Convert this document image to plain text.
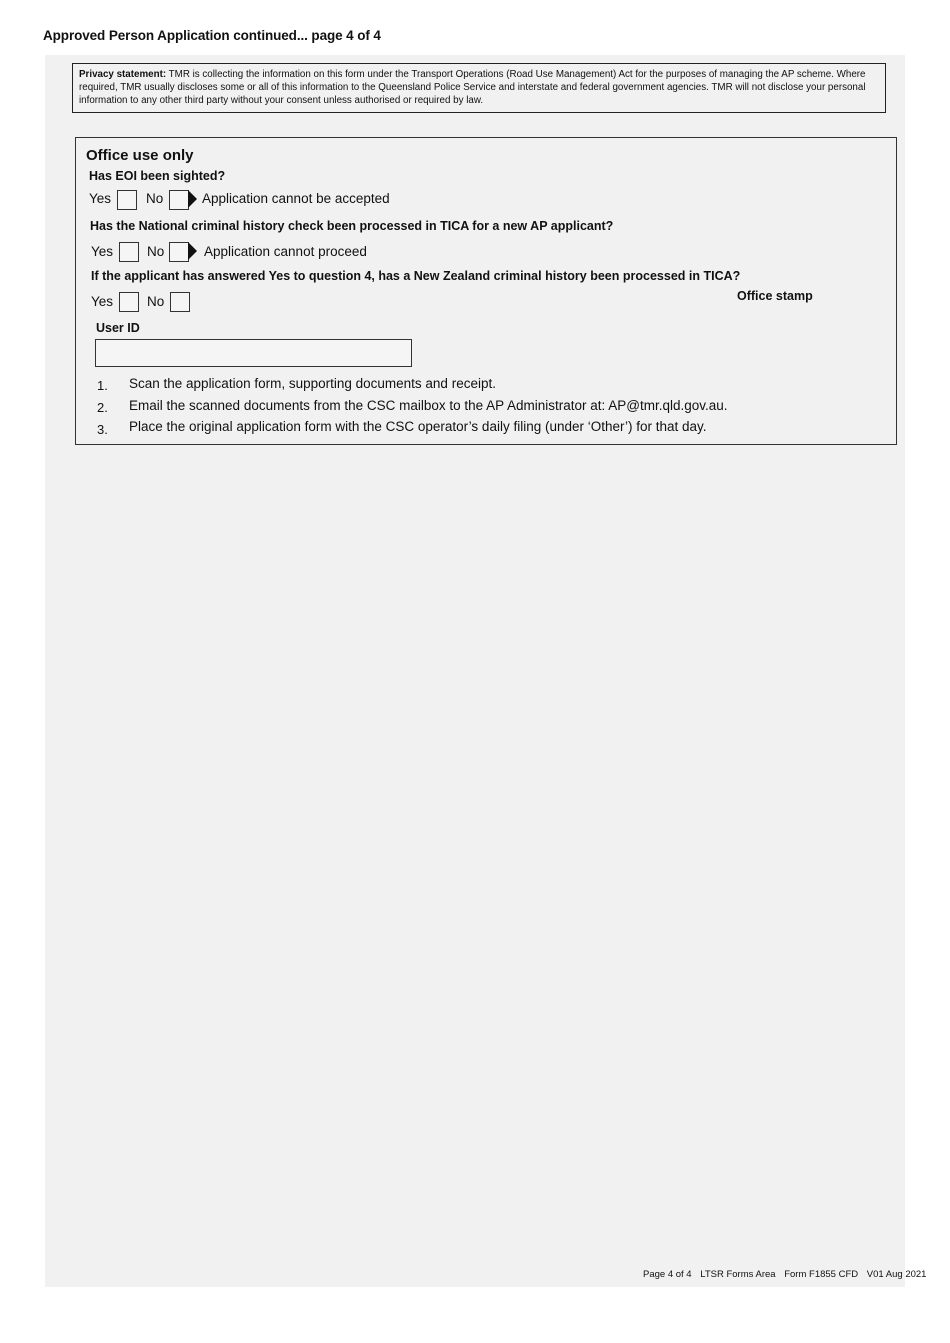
Approved Person Application continued... page 4 of 4
Privacy statement: TMR is collecting the information on this form under the Transport Operations (Road Use Management) Act for the purposes of managing the AP scheme. Where required, TMR usually discloses some or all of this information to the Queensland Police Service and interstate and federal government agencies. TMR will not disclose your personal information to any other third party without your consent unless authorised or required by law.
Office use only
Has EOI been sighted?
Yes	No	Application cannot be accepted
Has the National criminal history check been processed in TICA for a new AP applicant?
Yes	No	Application cannot proceed
If the applicant has answered Yes to question 4, has a New Zealand criminal history been processed in TICA?
Yes	No	Office stamp
User ID
1. Scan the application form, supporting documents and receipt.
2. Email the scanned documents from the CSC mailbox to the AP Administrator at: AP@tmr.qld.gov.au.
3. Place the original application form with the CSC operator’s daily filing (under ‘Other’) for that day.
Page 4 of 4 LTSR Forms Area Form F1855 CFD V01 Aug 2021
